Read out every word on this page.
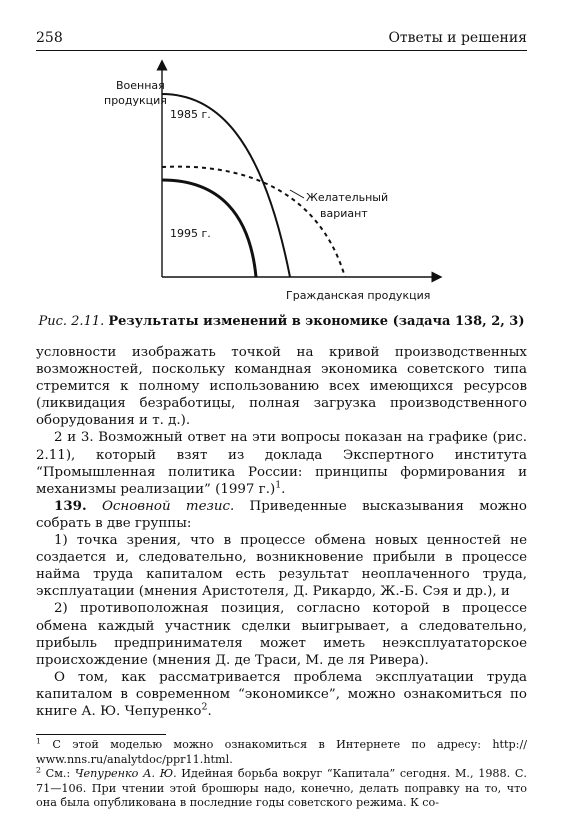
258	Ответы и решения
Военная
продукция
1985 г.
1995 г.
Желательный
вариант
Гражданская продукция
Рис. 2.11. Результаты изменений в экономике (задача 138, 2, 3)

условности изображать точкой на кривой производственных возможностей, поскольку командная экономика советского типа стремится к полному использованию всех имеющихся ресурсов (ликвидация безработицы, полная загрузка производственного оборудования и т. д.).

2 и 3. Возможный ответ на эти вопросы показан на графике (рис. 2.11), который взят из доклада Экспертного института “Промышленная политика России: принципы формирования и механизмы реализации” (1997 г.)$^1$.

139. Основной тезис. Приведенные высказывания можно собрать в две группы:

1) точка зрения, что в процессе обмена новых ценностей не создается и, следовательно, возникновение прибыли в процессе найма труда капиталом есть результат неоплаченного труда, эксплуатации (мнения Аристотеля, Д. Рикардо, Ж.-Б. Сэя и др.), и

2) противоположная позиция, согласно которой в процессе обмена каждый участник сделки выигрывает, а следовательно, прибыль предпринимателя может иметь неэксплуататорское происхождение (мнения Д. де Траси, М. де ля Ривера).

О том, как рассматривается проблема эксплуатации труда капиталом в современном “экономиксе”, можно ознакомиться по книге А. Ю. Чепуренко$^2$.

$^1$ С этой моделью можно ознакомиться в Интернете по адресу: http:// www.nns.ru/analytdoc/ppr11.html.

$^2$ См.: Чепуренко А. Ю. Идейная борьба вокруг “Капитала” сегодня. М., 1988. С. 71—106. При чтении этой брошюры надо, конечно, делать поправку на то, что она была опубликована в последние годы советского режима. К со-
